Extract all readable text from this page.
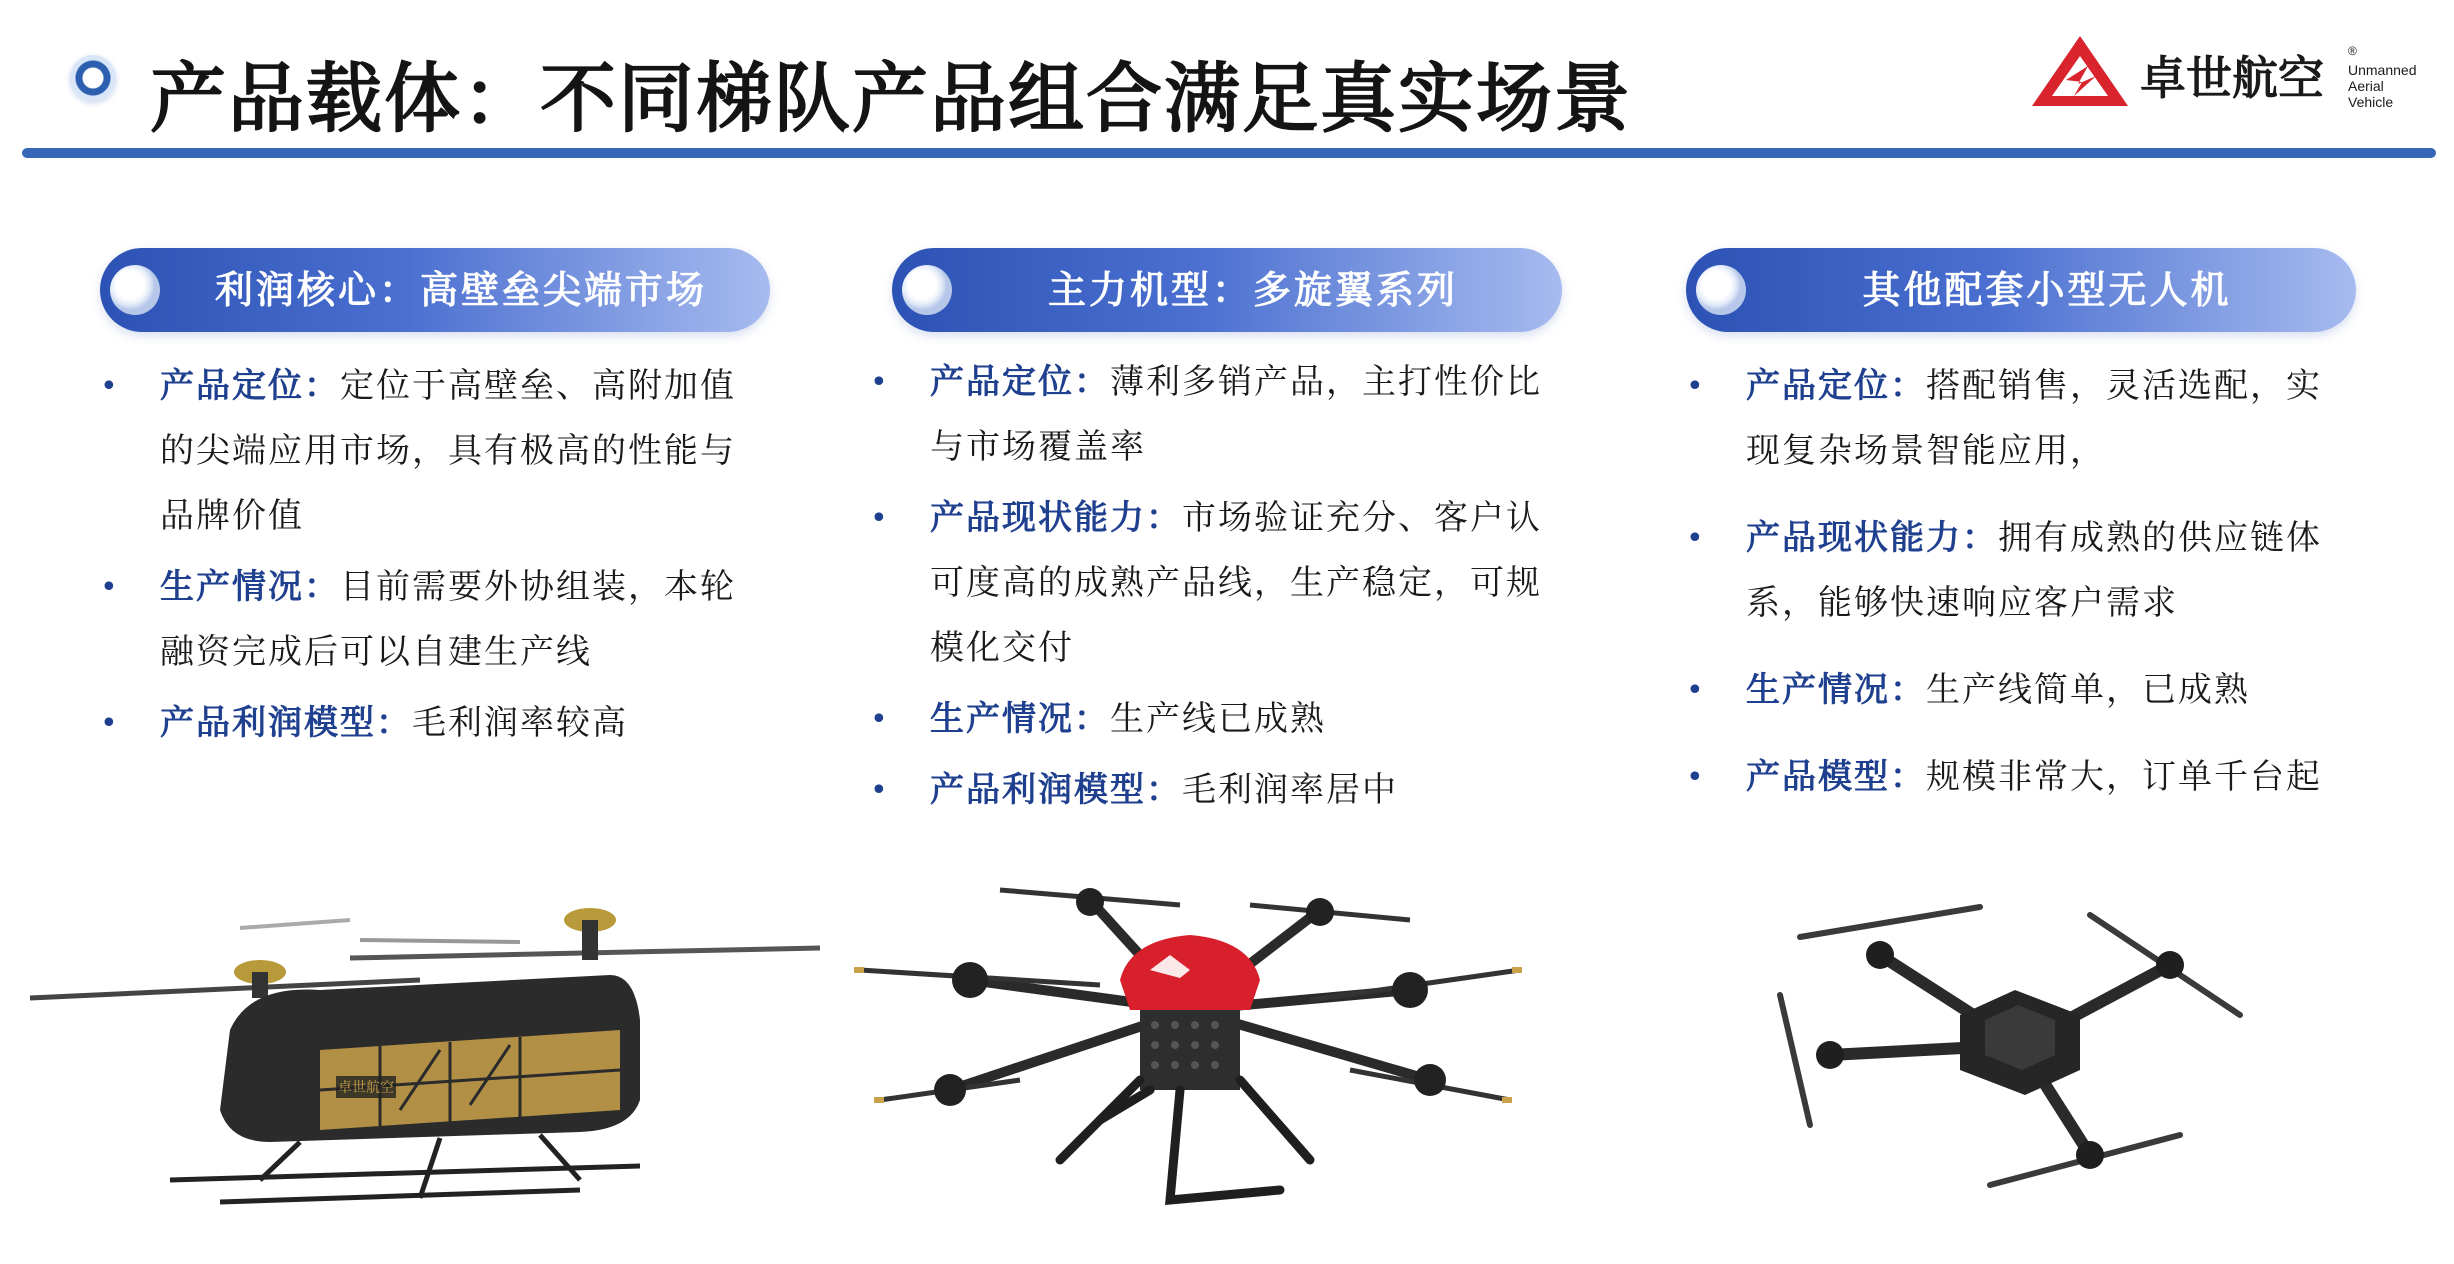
产品载体：不同梯队产品组合满足真实场景	卓世航空 ®
Unmanned Aerial Vehicle
利润核心：高壁垒尖端市场
• 产品定位：定位于高壁垒、高附加值的尖端应用市场，具有极高的性能与品牌价值
• 生产情况：目前需要外协组装，本轮融资完成后可以自建生产线
• 产品利润模型：毛利润率较高
主力机型：多旋翼系列
• 产品定位：薄利多销产品，主打性价比与市场覆盖率
• 产品现状能力：市场验证充分、客户认可度高的成熟产品线，生产稳定，可规模化交付
• 生产情况：生产线已成熟
• 产品利润模型：毛利润率居中
其他配套小型无人机
• 产品定位：搭配销售，灵活选配，实现复杂场景智能应用，
• 产品现状能力：拥有成熟的供应链体系，能够快速响应客户需求
• 生产情况：生产线简单，已成熟
• 产品模型：规模非常大，订单千台起
卓世航空
